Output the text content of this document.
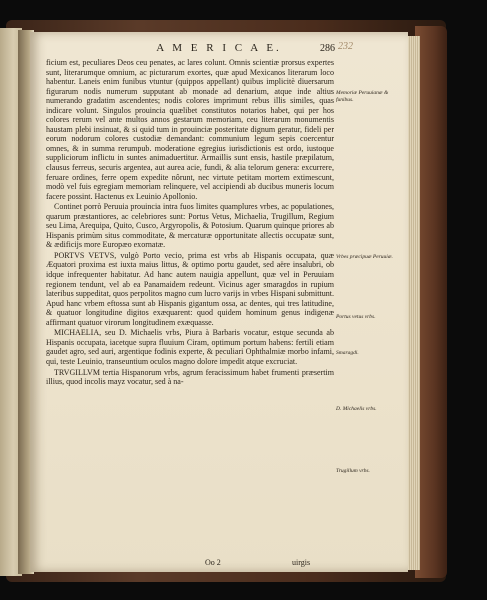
A M E R I C A E.	286 232

ficium est, peculiares Deos ceu penates, ac lares colunt. Omnis scientiæ prorsus expertes sunt, literarumque omnium, ac picturarum exortes, quæ apud Mexicanos literarum loco habentur. Laneis enim funibus vtuntur (quippos appellant) quibus implicitè diuersarum figurarum nodis numerum supputant ab monade ad denarium, atque inde altius numerando gradatim ascendentes; nodis colores imprimunt rebus illis similes, quas indicare volunt. Singulos prouincia quælibet constitutos notarios habet, qui per hos colores rerum vel ante multos annos gestarum memoriam, ceu literarum monumentis haustam plebi insinuat, & si quid tum in prouinciæ posteritate dignum geratur, fideli per eorum nodorum colores custodiæ demandant: communium legum sepis coercentur omnes, & in summa rerumpub. moderatione egregius iurisdictionis est ordo, iustoque suppliciorum inflictu in suntes animaduertitur. Armaillis sunt ensis, hastile præpilatum, clausus ferreus, securis argentea, aut aurea acie, fundi, & alia telorum genera: excurrere, feruare ordines, ferre opem expedite nôrunt, nec virtute petitam mortem extimescunt, modò vel fuis egregiam memoriam relinquere, vel accipiendi ab ducibus muneris locum facere possint. Hactenus ex Leuinio Apollonio.

Continet porrò Peruuia prouincia intra fuos limites quamplures vrbes, ac populationes, quarum præstantiores, ac celebriores sunt: Portus Vetus, Michaelia, Trugillum, Regium seu Lima, Arequipa, Quito, Cusco, Argyropolis, & Potosium. Quarum quinque priores ab Hispanis primùm situs commoditate, & mercaturæ opportunitate allectis occupatæ sunt, & ædificijs more Europæo exornatæ.

PORTVS VETVS, vulgò Porto vecio, prima est vrbs ab Hispanis occupata, quæ Æquatori proxima est iuxta maius littus, & optimo portu gaudet, sed aëre insalubri, ob idque infrequenter habitatur. Ad hanc autem nauigia appellunt, quæ vel in Peruuiam regionem tendunt, vel ab ea Panamaidem redeunt. Vicinus ager smaragdos in rupium lateribus suppeditat, quos perpolitos magno cum lucro varijs in vrbes Hispani submittunt. Apud hanc vrbem eftossa sunt ab Hispanis gigantum ossa, ac dentes, qui tres latitudine, & quatuor longitudine digitos exæquarent: quod quidem hominum genus indigenæ affirmant quatuor virorum longitudinem exæquasse.

MICHAELIA, seu D. Michaelis vrbs, Piura à Barbaris vocatur, estque secunda ab Hispanis occupata, iacetque supra fluuium Ciram, optimum portum habens: fertili etiam gaudet agro, sed auri, argentique fodinis experte, & peculiari Ophthalmiæ morbo infami, qui, teste Leuinio, transeuntium oculos magno dolore impedit atque excruciat.

TRVGILLVM tertia Hispanorum vrbs, agrum feracissimum habet frumenti præsertim illius, quod incolis mayz vocatur, sed à na-

Memoriæ Peruuianæ & funibus.
Vrbes præcipuæ Peruuiæ.
Portus vetus vrbs.
Smaragdi.
D. Michaelis vrbs.
Trugillum vrbs.
Oo 2	uirgis
